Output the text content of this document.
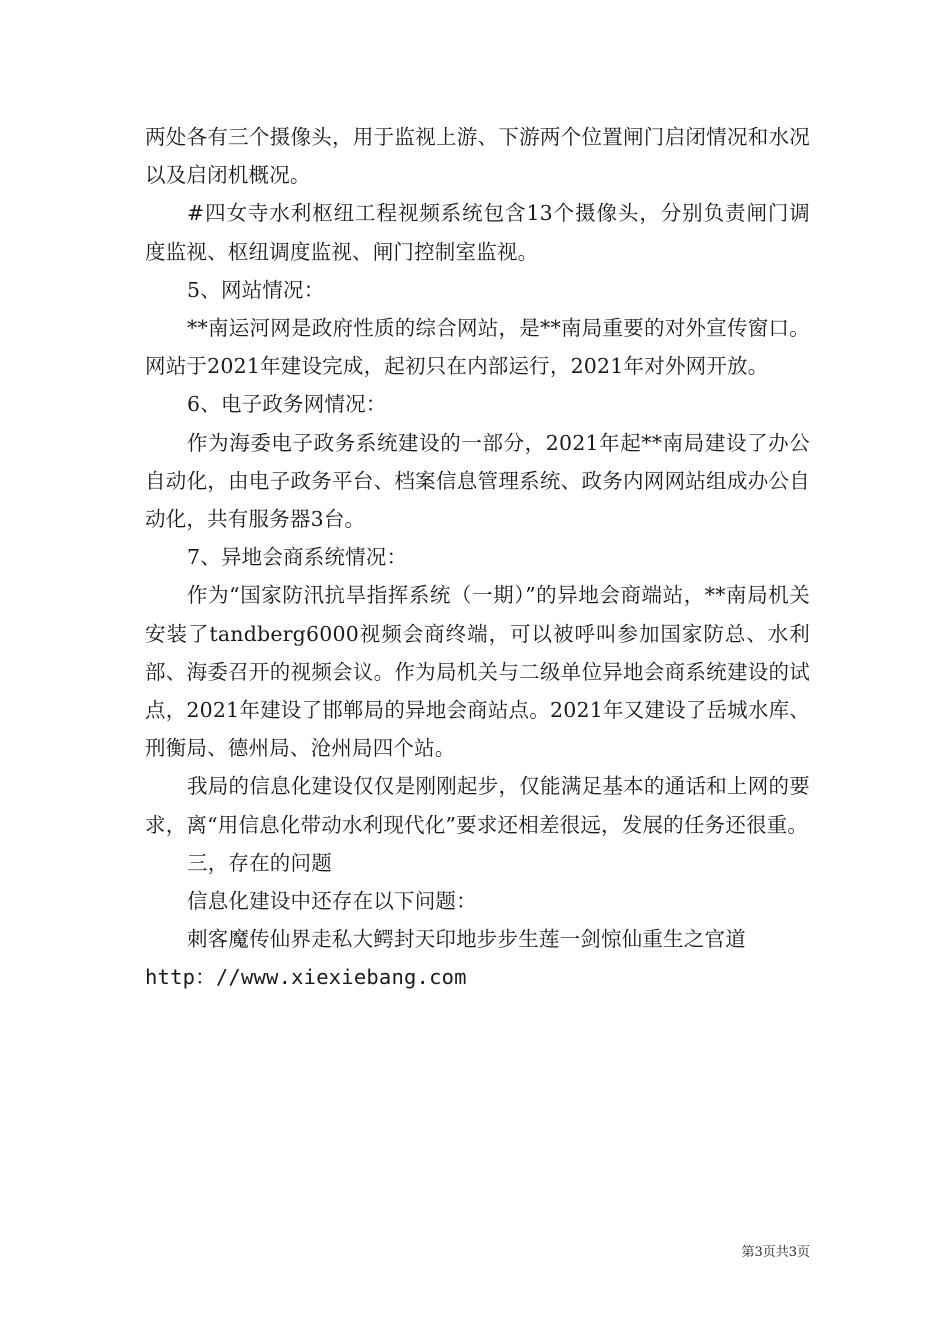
两处各有三个摄像头，用于监视上游、下游两个位置闸门启闭情况和水况以及启闭机概况。

#四女寺水利枢纽工程视频系统包含13个摄像头，分别负责闸门调度监视、枢纽调度监视、闸门控制室监视。

5、网站情况：

**南运河网是政府性质的综合网站，是**南局重要的对外宣传窗口。网站于2021年建设完成，起初只在内部运行，2021年对外网开放。

6、电子政务网情况：

作为海委电子政务系统建设的一部分，2021年起**南局建设了办公自动化，由电子政务平台、档案信息管理系统、政务内网网站组成办公自动化，共有服务器3台。

7、异地会商系统情况：

作为“国家防汛抗旱指挥系统（一期）”的异地会商端站，**南局机关安装了tandberg6000视频会商终端，可以被呼叫参加国家防总、水利部、海委召开的视频会议。作为局机关与二级单位异地会商系统建设的试点，2021年建设了邯郸局的异地会商站点。2021年又建设了岳城水库、刑衡局、德州局、沧州局四个站。

我局的信息化建设仅仅是刚刚起步，仅能满足基本的通话和上网的要求，离“用信息化带动水利现代化”要求还相差很远，发展的任务还很重。

三，存在的问题

信息化建设中还存在以下问题：

刺客魔传仙界走私大鳄封天印地步步生莲一剑惊仙重生之官道

http：//www.xiexiebang.com

第3页共3页
